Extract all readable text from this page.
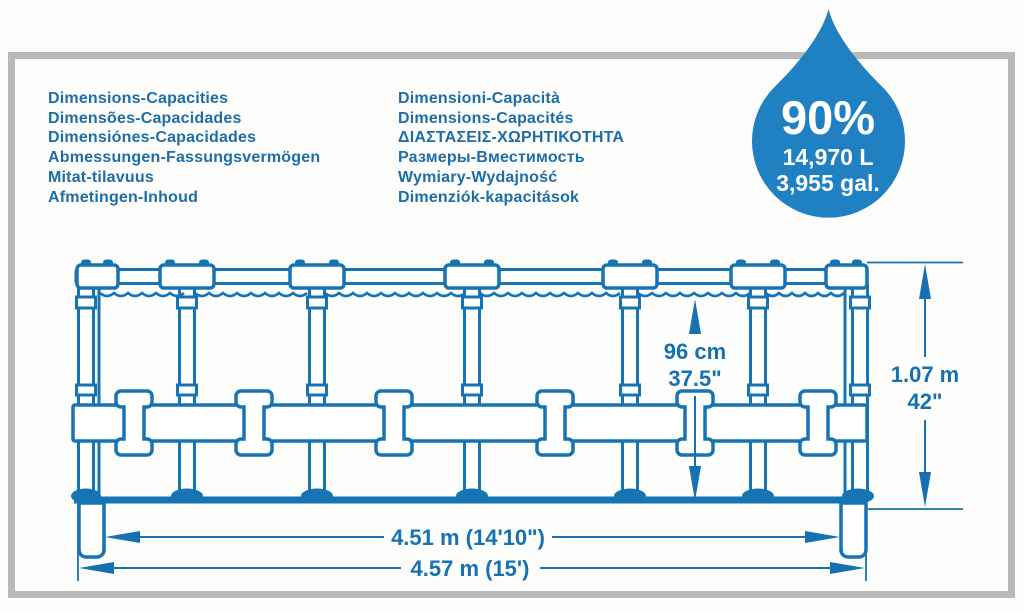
Dimensions-Capacities
Dimensões-Capacidades
Dimensiónes-Capacidades
Abmessungen-Fassungsvermögen
Mitat-tilavuus
Afmetingen-Inhoud
Dimensioni-Capacità
Dimensions-Capacités
ΔΙΑΣΤΑΣΕΙΣ-ΧΩΡΗΤΙΚΟΤΗΤΑ
Размеры-Вместимость
Wymiary-Wydajność
Dimenziók-kapacitások
96 cm
37.5"	1.07 m
42"
4.51 m (14'10")
4.57 m (15')
90%
14,970 L
3,955 gal.
